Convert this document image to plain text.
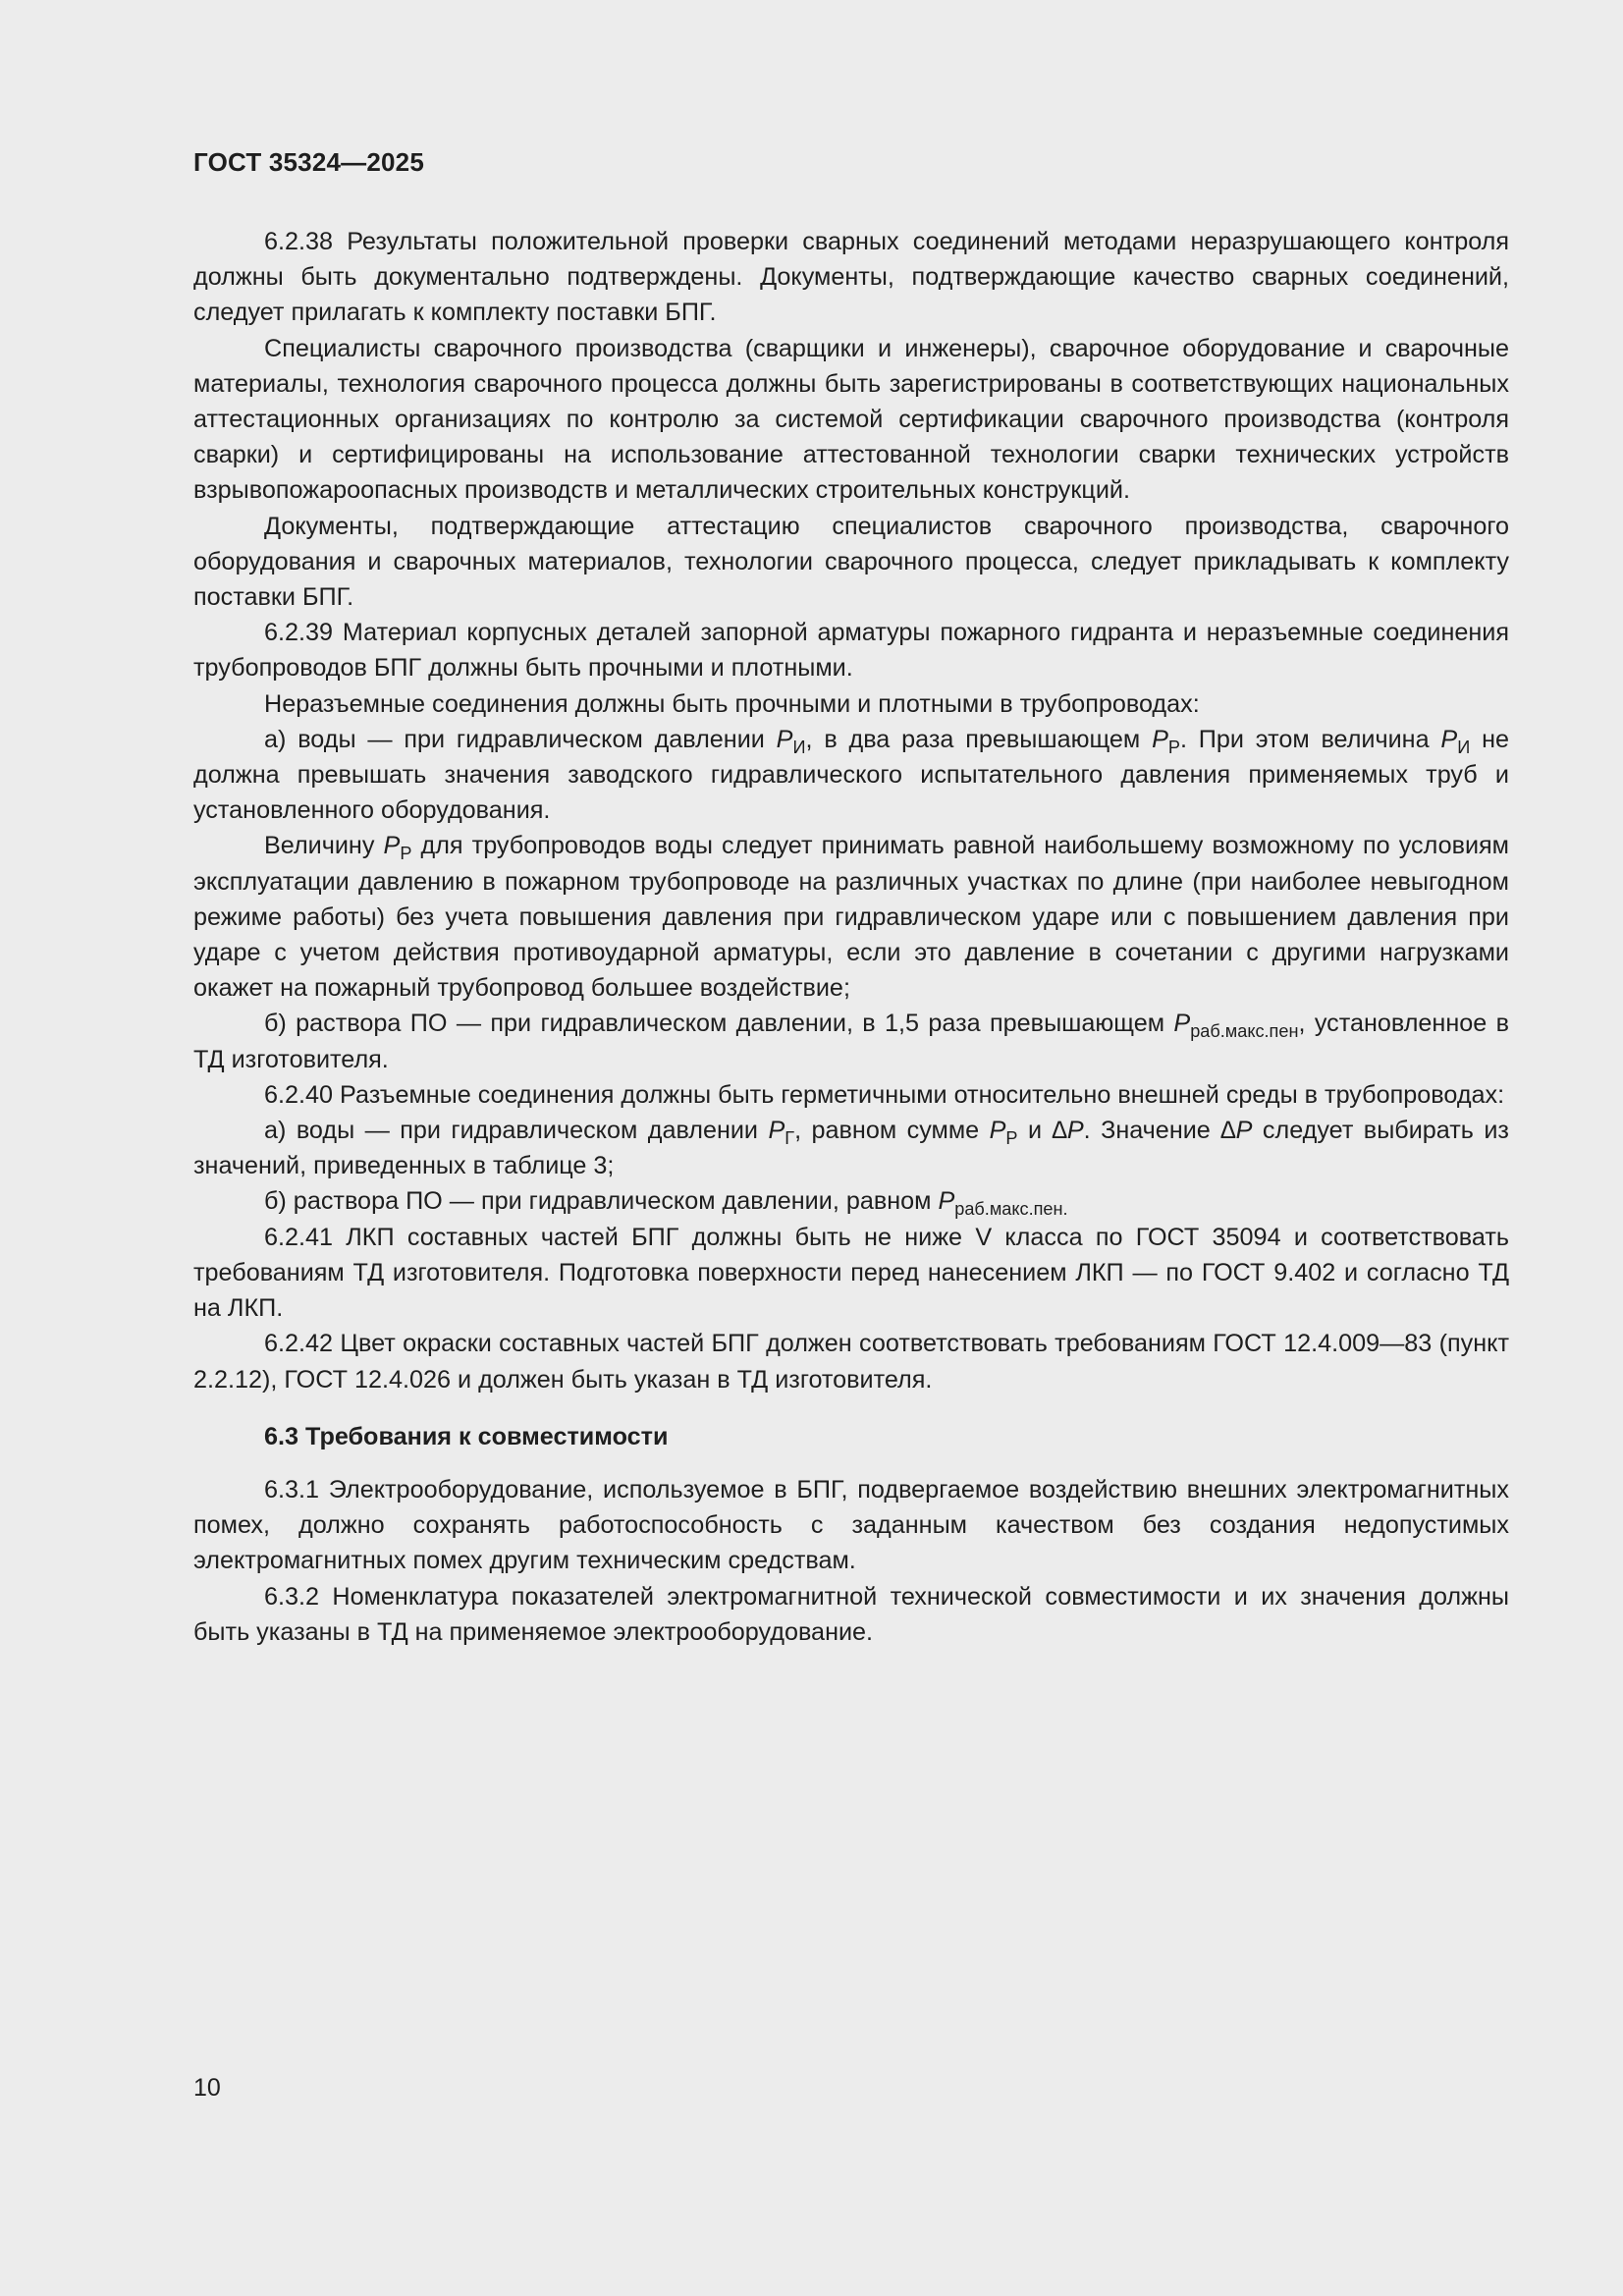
ГОСТ 35324—2025

6.2.38 Результаты положительной проверки сварных соединений методами неразрушающего контроля должны быть документально подтверждены. Документы, подтверждающие качество сварных соединений, следует прилагать к комплекту поставки БПГ.

Специалисты сварочного производства (сварщики и инженеры), сварочное оборудование и сварочные материалы, технология сварочного процесса должны быть зарегистрированы в соответствующих национальных аттестационных организациях по контролю за системой сертификации сварочного производства (контроля сварки) и сертифицированы на использование аттестованной технологии сварки технических устройств взрывопожароопасных производств и металлических строительных конструкций.

Документы, подтверждающие аттестацию специалистов сварочного производства, сварочного оборудования и сварочных материалов, технологии сварочного процесса, следует прикладывать к комплекту поставки БПГ.

6.2.39 Материал корпусных деталей запорной арматуры пожарного гидранта и неразъемные соединения трубопроводов БПГ должны быть прочными и плотными.

Неразъемные соединения должны быть прочными и плотными в трубопроводах:

а) воды — при гидравлическом давлении $P_И$, в два раза превышающем $P_Р$. При этом величина $P_И$ не должна превышать значения заводского гидравлического испытательного давления применяемых труб и установленного оборудования.

Величину $P_Р$ для трубопроводов воды следует принимать равной наибольшему возможному по условиям эксплуатации давлению в пожарном трубопроводе на различных участках по длине (при наиболее невыгодном режиме работы) без учета повышения давления при гидравлическом ударе или с повышением давления при ударе с учетом действия противоударной арматуры, если это давление в сочетании с другими нагрузками окажет на пожарный трубопровод большее воздействие;

б) раствора ПО — при гидравлическом давлении, в 1,5 раза превышающем $P_{раб.макс.пен}$, установленное в ТД изготовителя.

6.2.40 Разъемные соединения должны быть герметичными относительно внешней среды в трубопроводах:

а) воды — при гидравлическом давлении $P_Г$, равном сумме $P_Р$ и ∆P. Значение ∆P следует выбирать из значений, приведенных в таблице 3;

б) раствора ПО — при гидравлическом давлении, равном $P_{раб.макс.пен.}$

6.2.41 ЛКП составных частей БПГ должны быть не ниже V класса по ГОСТ 35094 и соответствовать требованиям ТД изготовителя. Подготовка поверхности перед нанесением ЛКП — по ГОСТ 9.402 и согласно ТД на ЛКП.

6.2.42 Цвет окраски составных частей БПГ должен соответствовать требованиям ГОСТ 12.4.009—83 (пункт 2.2.12), ГОСТ 12.4.026 и должен быть указан в ТД изготовителя.

6.3 Требования к совместимости

6.3.1 Электрооборудование, используемое в БПГ, подвергаемое воздействию внешних электромагнитных помех, должно сохранять работоспособность с заданным качеством без создания недопустимых электромагнитных помех другим техническим средствам.

6.3.2 Номенклатура показателей электромагнитной технической совместимости и их значения должны быть указаны в ТД на применяемое электрооборудование.

10
